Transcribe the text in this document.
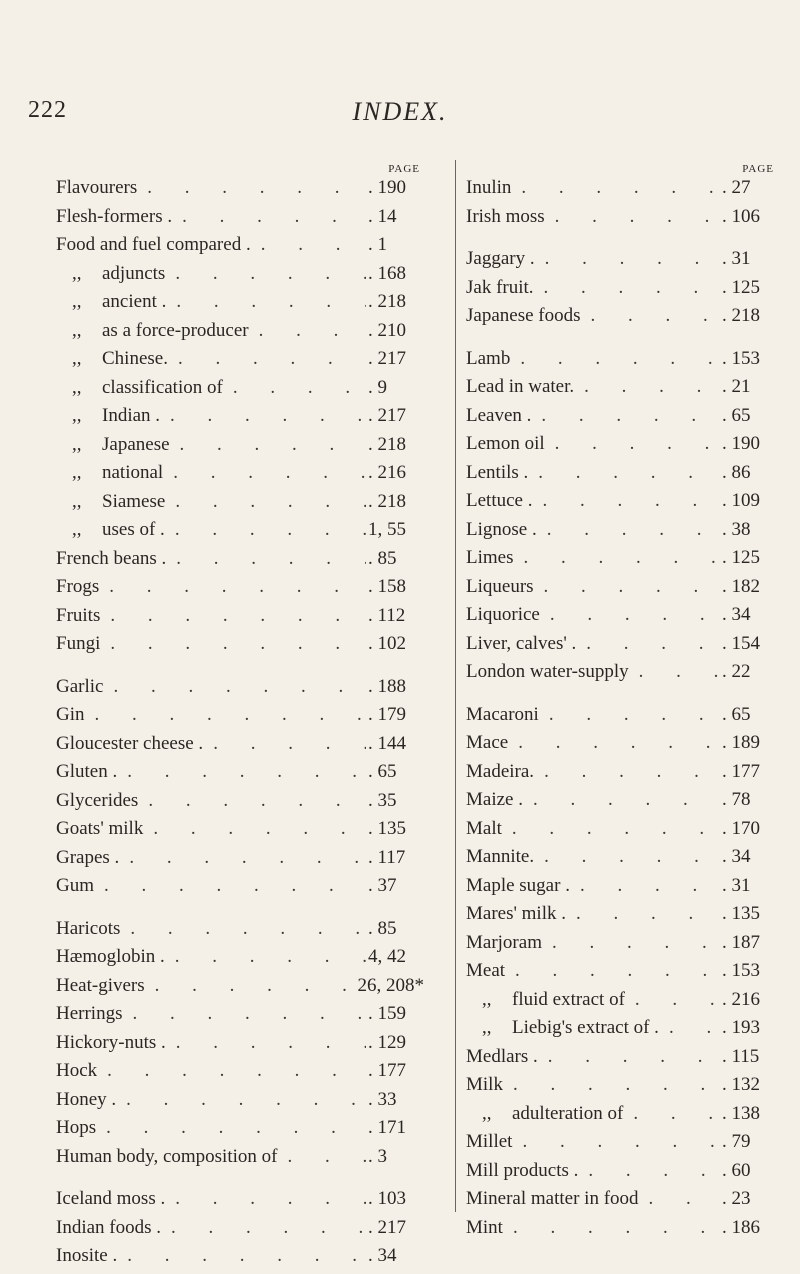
222	INDEX.
PAGE
Flavourers . . .	. 190
Flesh-formers . . . .	. 14
Food and fuel compared . . . .	. 1
,, adjuncts . . .	. 168
,, ancient . . . .	. 218
,, as a force-producer . . .	. 210
,, Chinese. . . .	. 217
,, classification of . . .	. 9
,, Indian . . . .	. 217
,, Japanese . . .	. 218
,, national . . .	. 216
,, Siamese . . .	. 218
,, uses of . . . .	1, 55
French beans . . . .	. 85
Frogs . . .	. 158
Fruits . . .	. 112
Fungi . . .	. 102
Garlic . . .	. 188
Gin . . .	. 179
Gloucester cheese . . . .	. 144
Gluten . . . .	. 65
Glycerides . . .	. 35
Goats' milk . . .	. 135
Grapes . . . .	. 117
Gum . . .	. 37
Haricots . . .	. 85
Hæmoglobin . . . .	4, 42
Heat-givers . . .	26, 208*
Herrings . . .	. 159
Hickory-nuts . . . .	. 129
Hock . . .	. 177
Honey . . . .	. 33
Hops . . .	. 171
Human body, composition of . . .	. 3
Iceland moss . . . .	. 103
Indian foods . . . .	. 217
Inosite . . . .	. 34
PAGE
Inulin . . .	. 27
Irish moss . . .	. 106
Jaggary . . . .	. 31
Jak fruit. . . .	. 125
Japanese foods . . .	. 218
Lamb . . .	. 153
Lead in water. . . .	. 21
Leaven . . . .	. 65
Lemon oil . . .	. 190
Lentils . . . .	. 86
Lettuce . . . .	. 109
Lignose . . . .	. 38
Limes . . .	. 125
Liqueurs . . .	. 182
Liquorice . . .	. 34
Liver, calves' . . . .	. 154
London water-supply . . .	. 22
Macaroni . . .	. 65
Mace . . .	. 189
Madeira. . . .	. 177
Maize . . . .	. 78
Malt . . .	. 170
Mannite. . . .	. 34
Maple sugar . . . .	. 31
Mares' milk . . . .	. 135
Marjoram . . .	. 187
Meat . . .	. 153
,, fluid extract of . . .	. 216
,, Liebig's extract of . . . .	. 193
Medlars . . . .	. 115
Milk . . .	. 132
,, adulteration of . . .	. 138
Millet . . .	. 79
Mill products . . . .	. 60
Mineral matter in food . . .	. 23
Mint . . .	. 186
